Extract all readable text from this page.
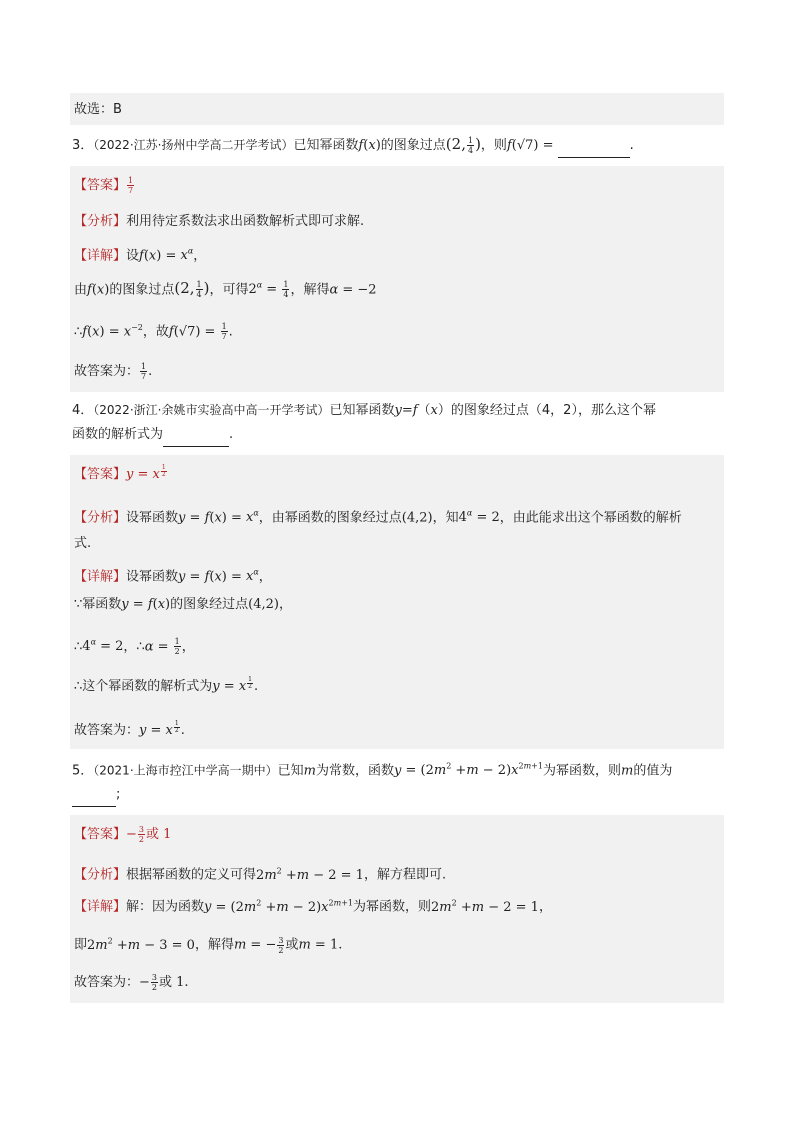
故选：B
3．（2022·江苏·扬州中学高二开学考试）已知幂函数f(x)的图象过点(2, $\frac{1}{4}$ )，则f(√7) =	.
【答案】 $\frac{1}{7}$
【分析】利用待定系数法求出函数解析式即可求解.
【详解】设$f(x) = x^\alpha$，
由f(x)的图象过点(2, $\frac{1}{4}$ )，可得$2^\alpha = \frac{1}{4}$ ，解得α = −2
∴f(x) = $x^{-2}$，故$f(√7) = \frac{1}{7}$ .
故答案为： $\frac{1}{7}$ .
4．（2022·浙江·余姚市实验高中高一开学考试）已知幂函数y=f（x）的图象经过点（4，2），那么这个幂
函数的解析式为	.
【答案】y = x $\frac{1}{2}$
【分析】设幂函数$y = f(x) = x^\alpha$，由幂函数的图象经过点(4,2)，知$4^\alpha = 2$，由此能求出这个幂函数的解析
式.
【详解】设幂函数$y = f(x) = x^\alpha$，
∵幂函数y = f(x)的图象经过点(4,2)，
$\therefore 4^\alpha = 2$，∴α = $\frac{1}{2}$ ，
∴这个幂函数的解析式为y = x $\frac{1}{2}$ .
故答案为：y = x $\frac{1}{2}$ .
5．（2021·上海市控江中学高一期中）已知m为常数，函数$y = (2m^2 +m - 2)x^{2m+1}$为幂函数，则m的值为
;
【答案】− $\frac{3}{2}$ 或 1
【分析】根据幂函数的定义可得$2m^2 +m - 2 = 1$，解方程即可.
【详解】解：因为函数$y = (2m^2 +m - 2)x^{2m+1}$为幂函数，则$2m^2 +m - 2 = 1$，
即$2m^2 +m - 3 = 0$，解得m = − $\frac{3}{2}$ 或m = 1.
故答案为：− $\frac{3}{2}$ 或 1.
